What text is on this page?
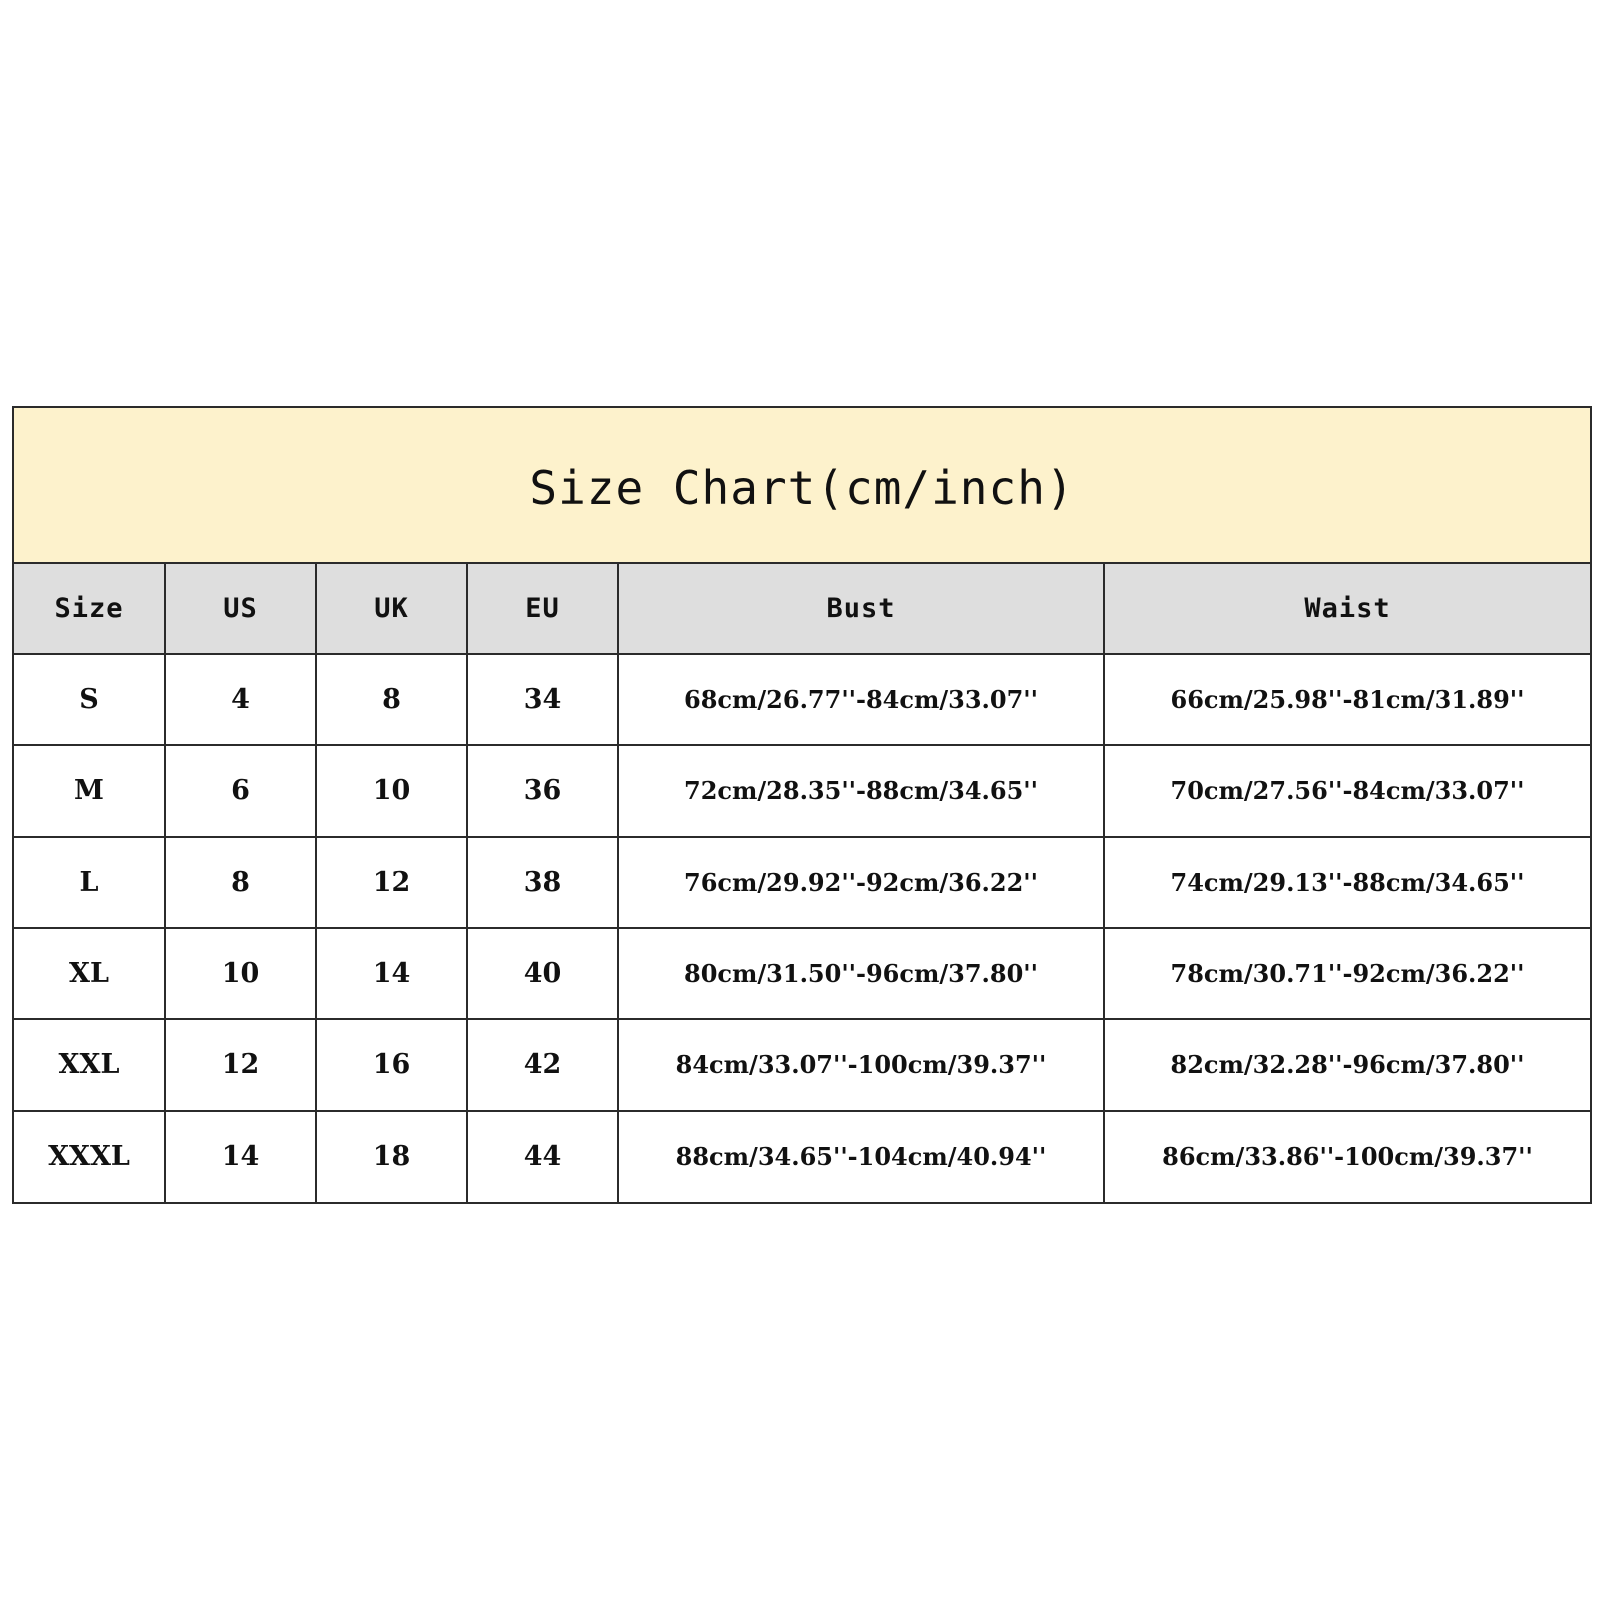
Size Chart(cm/inch)
Size	US	UK	EU	Bust	Waist
S	4	8	34	68cm/26.77''-84cm/33.07''	66cm/25.98''-81cm/31.89''
M	6	10	36	72cm/28.35''-88cm/34.65''	70cm/27.56''-84cm/33.07''
L	8	12	38	76cm/29.92''-92cm/36.22''	74cm/29.13''-88cm/34.65''
XL	10	14	40	80cm/31.50''-96cm/37.80''	78cm/30.71''-92cm/36.22''
XXL	12	16	42	84cm/33.07''-100cm/39.37''	82cm/32.28''-96cm/37.80''
XXXL	14	18	44	88cm/34.65''-104cm/40.94''	86cm/33.86''-100cm/39.37''
